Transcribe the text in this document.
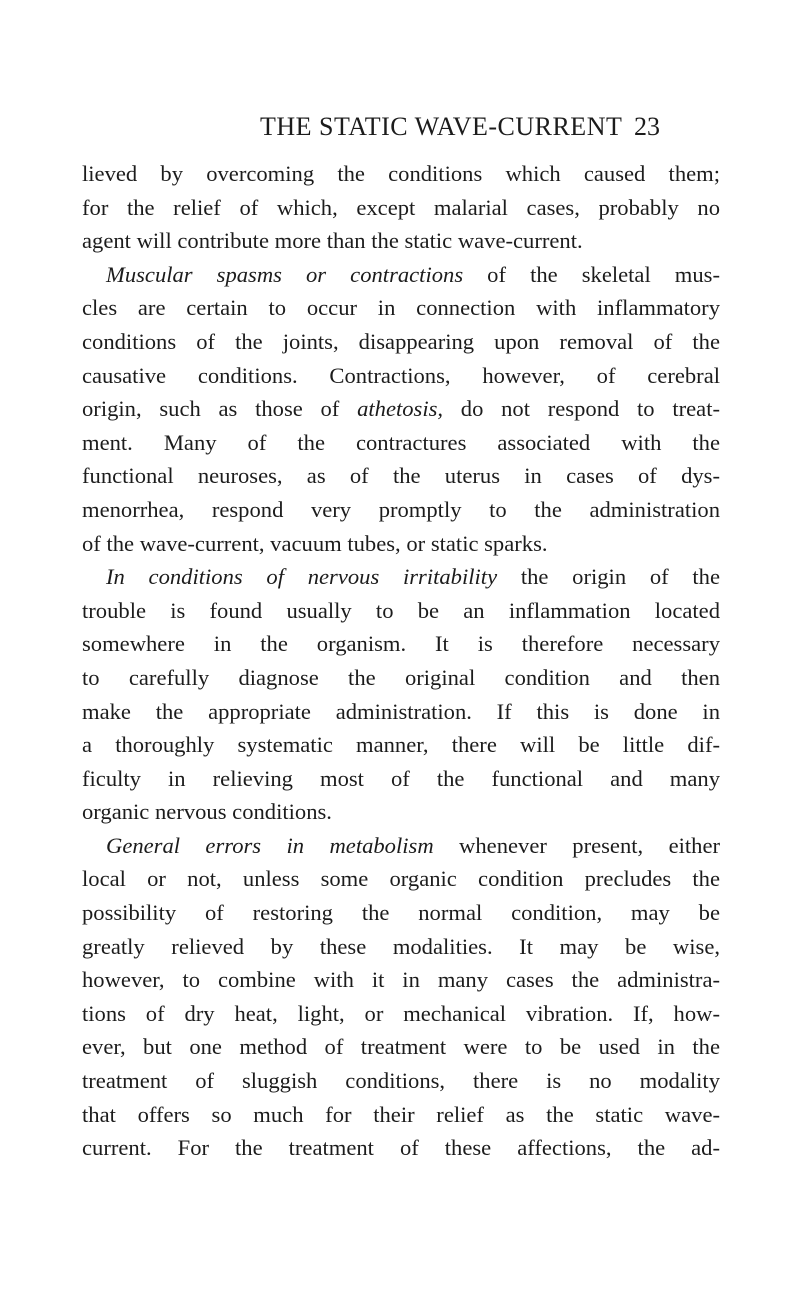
THE STATIC WAVE-CURRENT 23
lieved by overcoming the conditions which caused them;
for the relief of which, except malarial cases, probably no
agent will contribute more than the static wave-current.
Muscular spasms or contractions of the skeletal mus-
cles are certain to occur in connection with inflammatory
conditions of the joints, disappearing upon removal of the
causative conditions. Contractions, however, of cerebral
origin, such as those of athetosis, do not respond to treat-
ment. Many of the contractures associated with the
functional neuroses, as of the uterus in cases of dys-
menorrhea, respond very promptly to the administration
of the wave-current, vacuum tubes, or static sparks.
In conditions of nervous irritability the origin of the
trouble is found usually to be an inflammation located
somewhere in the organism. It is therefore necessary
to carefully diagnose the original condition and then
make the appropriate administration. If this is done in
a thoroughly systematic manner, there will be little dif-
ficulty in relieving most of the functional and many
organic nervous conditions.
General errors in metabolism whenever present, either
local or not, unless some organic condition precludes the
possibility of restoring the normal condition, may be
greatly relieved by these modalities. It may be wise,
however, to combine with it in many cases the administra-
tions of dry heat, light, or mechanical vibration. If, how-
ever, but one method of treatment were to be used in the
treatment of sluggish conditions, there is no modality
that offers so much for their relief as the static wave-
current. For the treatment of these affections, the ad-
